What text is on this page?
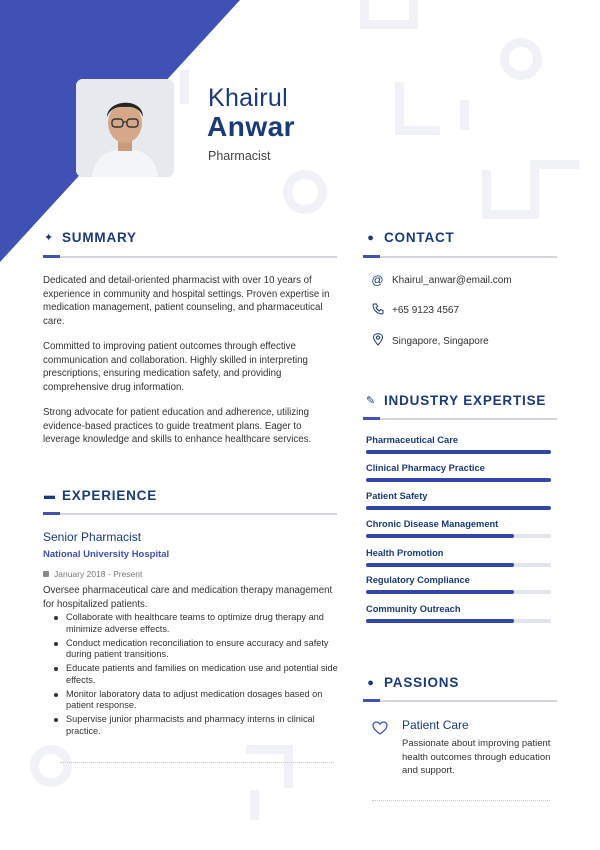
Khairul
Anwar
Pharmacist
✦ SUMMARY

Dedicated and detail-oriented pharmacist with over 10 years of experience in community and hospital settings. Proven expertise in medication management, patient counseling, and pharmaceutical care.

Committed to improving patient outcomes through effective communication and collaboration. Highly skilled in interpreting prescriptions, ensuring medication safety, and providing comprehensive drug information.

Strong advocate for patient education and adherence, utilizing evidence-based practices to guide treatment plans. Eager to leverage knowledge and skills to enhance healthcare services.

▬ EXPERIENCE
Senior Pharmacist
National University Hospital
January 2018 - Present
Oversee pharmaceutical care and medication therapy management for hospitalized patients.
Collaborate with healthcare teams to optimize drug therapy and minimize adverse effects.
Conduct medication reconciliation to ensure accuracy and safety during patient transitions.
Educate patients and families on medication use and potential side effects.
Monitor laboratory data to adjust medication dosages based on patient response.
Supervise junior pharmacists and pharmacy interns in clinical practice.
● CONTACT
@ Khairul_anwar@email.com
+65 9123 4567
Singapore, Singapore
✎ INDUSTRY EXPERTISE
Pharmaceutical Care
Clinical Pharmacy Practice
Patient Safety
Chronic Disease Management
Health Promotion
Regulatory Compliance
Community Outreach
● PASSIONS
Patient Care
Passionate about improving patient health outcomes through education and support.
